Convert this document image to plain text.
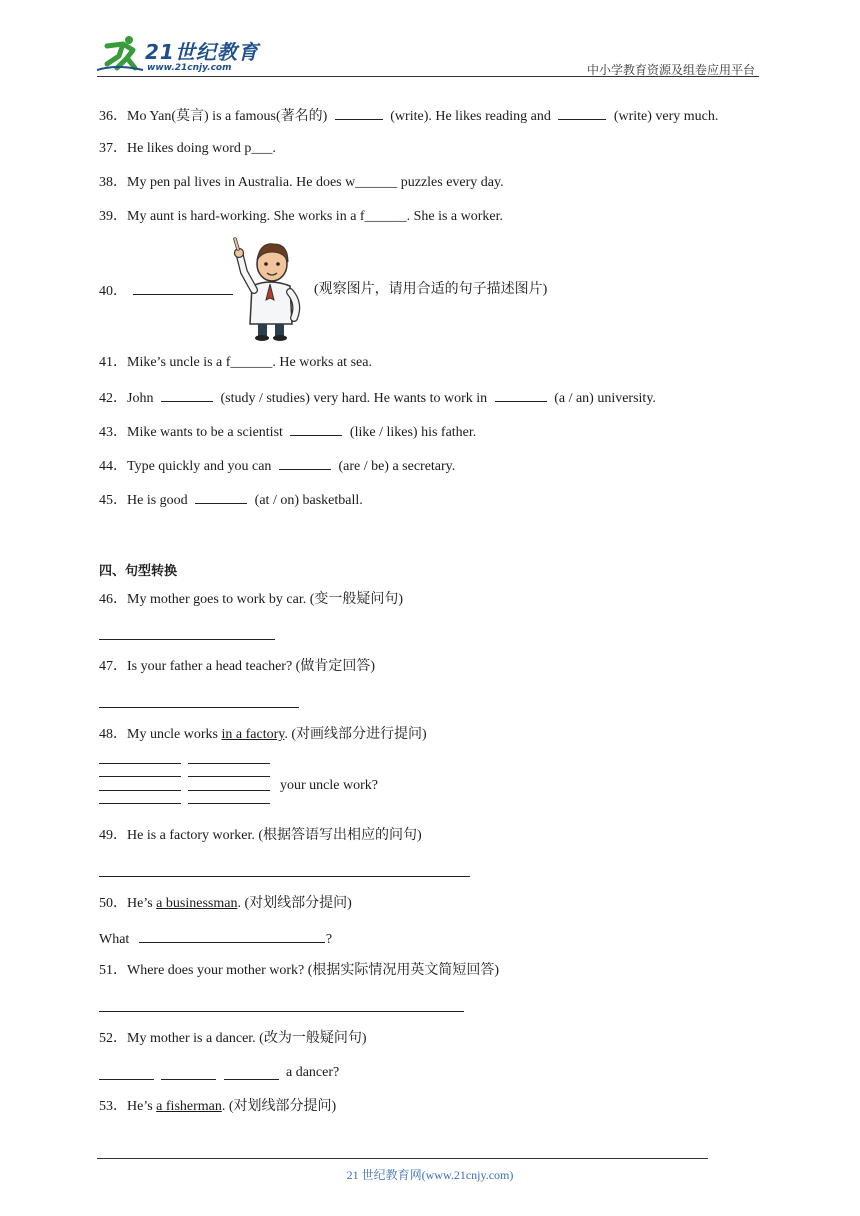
21世纪教育
www.21cnjy.com	中小学教育资源及组卷应用平台
36．Mo Yan(莫言) is a famous(著名的)	(write). He likes reading and	(write) very much.
37．He likes doing word p___.
38．My pen pal lives in Australia. He does w______ puzzles every day.
39．My aunt is hard-working. She works in a f______. She is a worker.
40．	(观察图片，请用合适的句子描述图片)
41．Mike’s uncle is a f______. He works at sea.
42．John	(study / studies) very hard. He wants to work in	(a / an) university.
43．Mike wants to be a scientist	(like / likes) his father.
44．Type quickly and you can	(are / be) a secretary.
45．He is good	(at / on) basketball.
四、句型转换
46．My mother goes to work by car. (变一般疑问句)
47．Is your father a head teacher? (做肯定回答)
48．My uncle works in a factory. (对画线部分进行提问)
your uncle work?
49．He is a factory worker. (根据答语写出相应的问句)
50．He’s a businessman. (对划线部分提问)
What	?
51．Where does your mother work? (根据实际情况用英文简短回答)
52．My mother is a dancer. (改为一般疑问句)
a dancer?
53．He’s a fisherman. (对划线部分提问)
21 世纪教育网(www.21cnjy.com)
